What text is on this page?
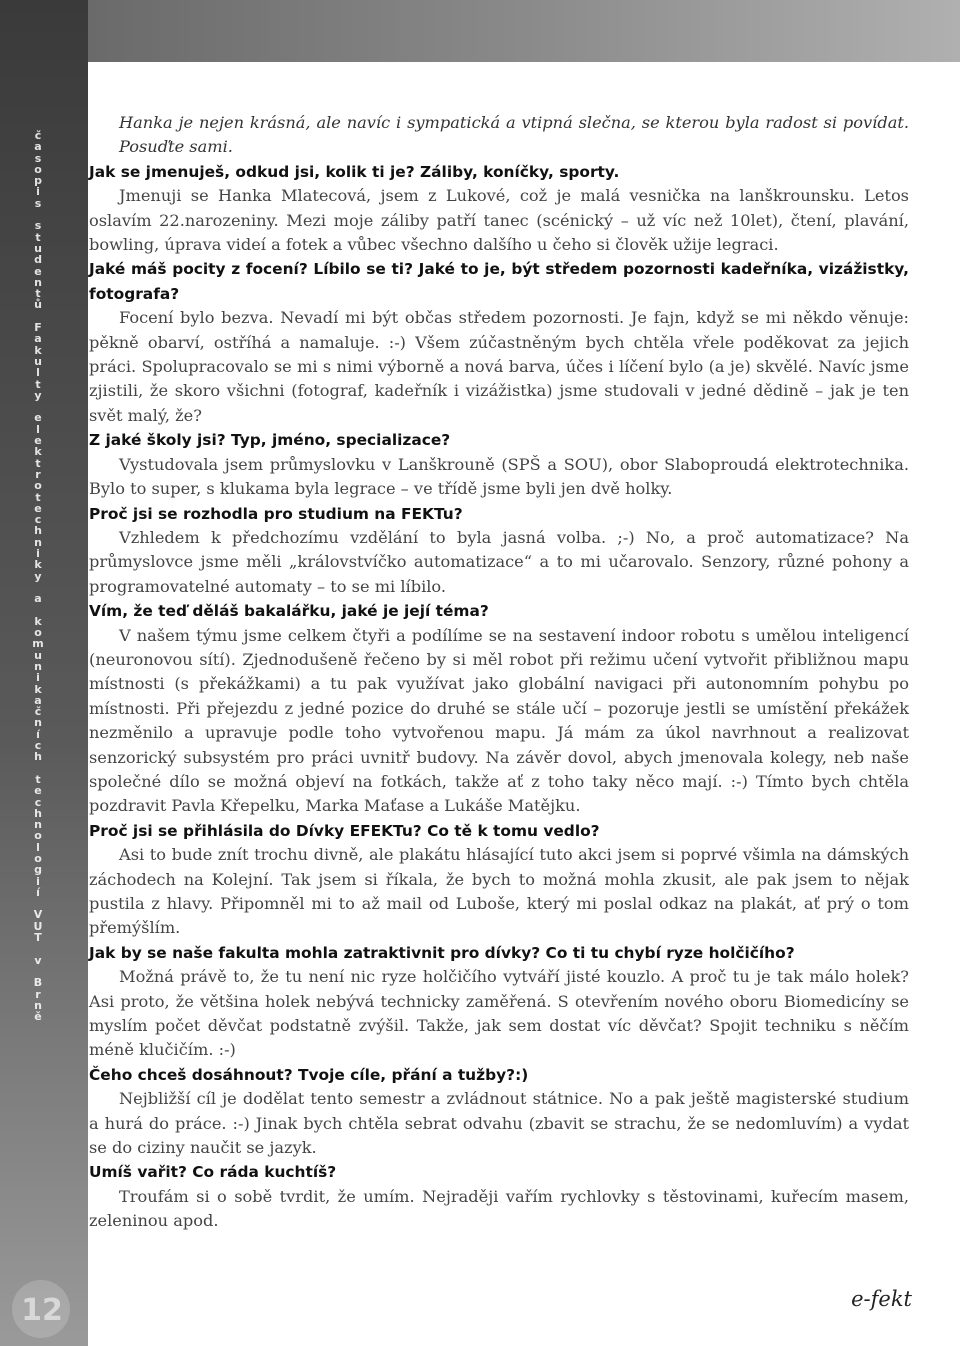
č
a
s
o
p
i
s
s
t
u
d
e
n
t
ů
F
a
k
u
l
t
y
e
l
e
k
t
r
o
t
e
c
h
n
i
k
y
a
k
o
m
u
n
i
k
a
č
n
í
c
h
t
e
c
h
n
o
l
o
g
i
í
V
U
T
v
B
r
n
ě
12

Hanka je nejen krásná, ale navíc i sympatická a vtipná slečna, se kterou byla radost si povídat. Posuďte sami.

Jak se jmenuješ, odkud jsi, kolik ti je? Záliby, koníčky, sporty.

Jmenuji se Hanka Mlatecová, jsem z Lukové, což je malá vesnička na lanškrounsku. Letos oslavím 22.narozeniny. Mezi moje záliby patří tanec (scénický – už víc než 10let), čtení, plavání, bowling, úprava videí a fotek a vůbec všechno dalšího u čeho si člověk užije legraci.

Jaké máš pocity z focení? Líbilo se ti? Jaké to je, být středem pozornosti kadeřníka, vizážistky, fotografa?

Focení bylo bezva. Nevadí mi být občas středem pozornosti. Je fajn, když se mi někdo věnuje: pěkně obarví, ostříhá a namaluje. :-) Všem zúčastněným bych chtěla vřele poděkovat za jejich práci. Spolupracovalo se mi s nimi výborně a nová barva, účes i líčení bylo (a je) skvělé. Navíc jsme zjistili, že skoro všichni (fotograf, kadeřník i vizážistka) jsme studovali v jedné dědině – jak je ten svět malý, že?

Z jaké školy jsi? Typ, jméno, specializace?

Vystudovala jsem průmyslovku v Lanškrouně (SPŠ a SOU), obor Slaboproudá elektrotechnika. Bylo to super, s klukama byla legrace – ve třídě jsme byli jen dvě holky.

Proč jsi se rozhodla pro studium na FEKTu?

Vzhledem k předchozímu vzdělání to byla jasná volba. ;-) No, a proč automatizace? Na průmyslovce jsme měli „královstvíčko automatizace“ a to mi učarovalo. Senzory, různé pohony a programovatelné automaty – to se mi líbilo.

Vím, že teď děláš bakalářku, jaké je její téma?

V našem týmu jsme celkem čtyři a podílíme se na sestavení indoor robotu s umělou inteligencí (neuronovou sítí). Zjednodušeně řečeno by si měl robot při režimu učení vytvořit přibližnou mapu místnosti (s překážkami) a tu pak využívat jako globální navigaci při autonomním pohybu po místnosti. Při přejezdu z jedné pozice do druhé se stále učí – pozoruje jestli se umístění překážek nezměnilo a upravuje podle toho vytvořenou mapu. Já mám za úkol navrhnout a realizovat senzorický subsystém pro práci uvnitř budovy. Na závěr dovol, abych jmenovala kolegy, neb naše společné dílo se možná objeví na fotkách, takže ať z toho taky něco mají. :-) Tímto bych chtěla pozdravit Pavla Křepelku, Marka Maťase a Lukáše Matějku.

Proč jsi se přihlásila do Dívky EFEKTu? Co tě k tomu vedlo?

Asi to bude znít trochu divně, ale plakátu hlásající tuto akci jsem si poprvé všimla na dámských záchodech na Kolejní. Tak jsem si říkala, že bych to možná mohla zkusit, ale pak jsem to nějak pustila z hlavy. Připomněl mi to až mail od Luboše, který mi poslal odkaz na plakát, ať prý o tom přemýšlím.

Jak by se naše fakulta mohla zatraktivnit pro dívky? Co ti tu chybí ryze holčičího?

Možná právě to, že tu není nic ryze holčičího vytváří jisté kouzlo. A proč tu je tak málo holek? Asi proto, že většina holek nebývá technicky zaměřená. S otevřením nového oboru Biomedicíny se myslím počet děvčat podstatně zvýšil. Takže, jak sem dostat víc děvčat? Spojit techniku s něčím méně klučičím. :-)

Čeho chceš dosáhnout? Tvoje cíle, přání a tužby?:)

Nejbližší cíl je dodělat tento semestr a zvládnout státnice. No a pak ještě magisterské studium a hurá do práce. :-) Jinak bych chtěla sebrat odvahu (zbavit se strachu, že se nedomluvím) a vydat se do ciziny naučit se jazyk.

Umíš vařit? Co ráda kuchtíš?

Troufám si o sobě tvrdit, že umím. Nejraději vařím rychlovky s těstovinami, kuřecím masem, zeleninou apod.

e-fekt
